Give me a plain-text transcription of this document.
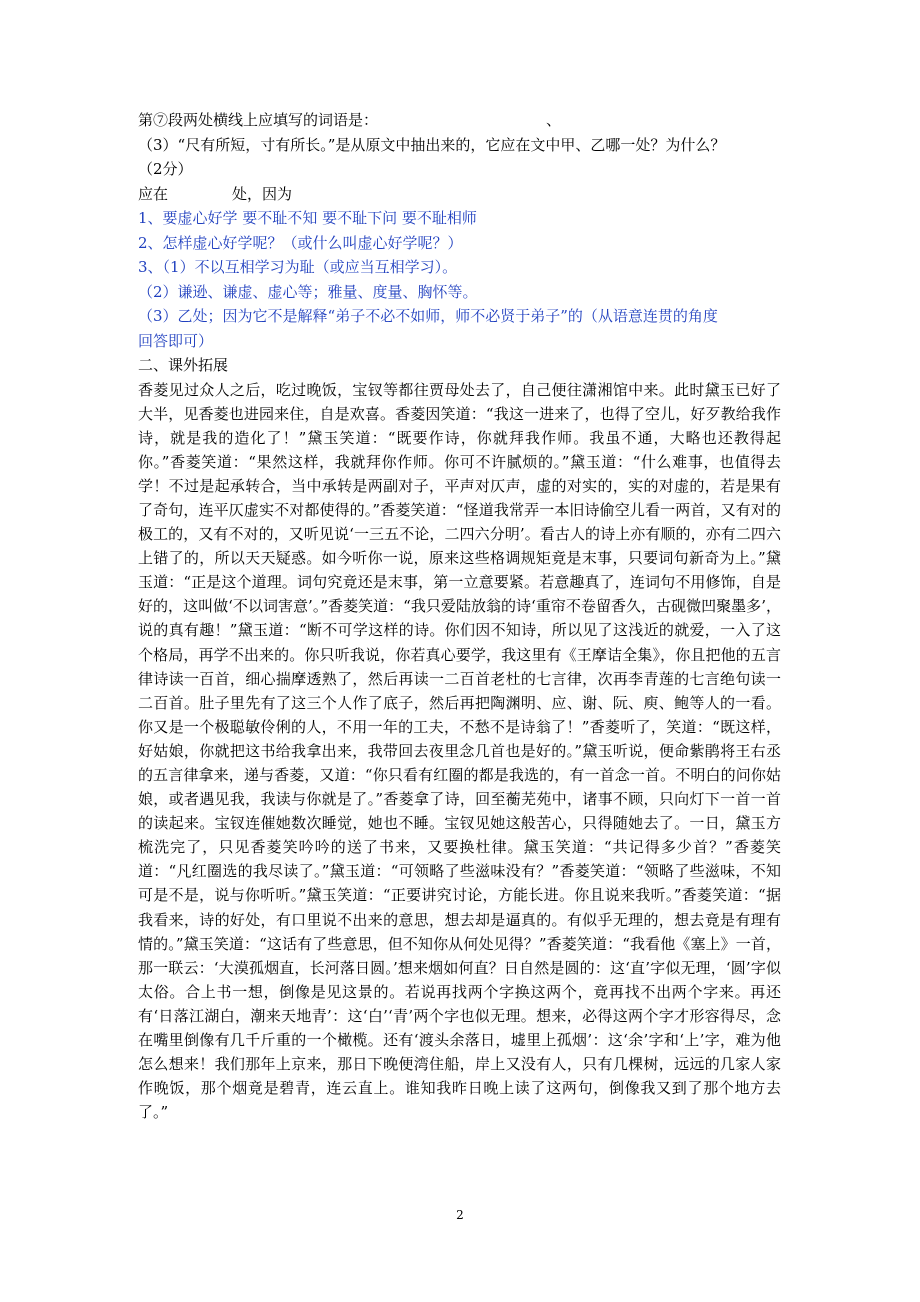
第⑦段两处横线上应填写的词语是：	、
（3）“尺有所短，寸有所长。”是从原文中抽出来的，它应在文中甲、乙哪一处？为什么？
（2分）
应在	处，因为
1、要虚心好学 要不耻不知 要不耻下问 要不耻相师
2、怎样虚心好学呢？（或什么叫虚心好学呢？）
3、（1）不以互相学习为耻（或应当互相学习）。
（2）谦逊、谦虚、虚心等；雅量、度量、胸怀等。
（3）乙处；因为它不是解释“弟子不必不如师，师不必贤于弟子”的（从语意连贯的角度
回答即可）
二、课外拓展

香菱见过众人之后，吃过晚饭，宝钗等都往贾母处去了，自己便往潇湘馆中来。此时黛玉已好了大半，见香菱也进园来住，自是欢喜。香菱因笑道：“我这一进来了，也得了空儿，好歹教给我作诗，就是我的造化了！”黛玉笑道：“既要作诗，你就拜我作师。我虽不通，大略也还教得起你。”香菱笑道：“果然这样，我就拜你作师。你可不许腻烦的。”黛玉道：“什么难事，也值得去学！不过是起承转合，当中承转是两副对子，平声对仄声，虚的对实的，实的对虚的，若是果有了奇句，连平仄虚实不对都使得的。”香菱笑道：“怪道我常弄一本旧诗偷空儿看一两首，又有对的极工的，又有不对的，又听见说‘一三五不论，二四六分明’。看古人的诗上亦有顺的，亦有二四六上错了的，所以天天疑惑。如今听你一说，原来这些格调规矩竟是末事，只要词句新奇为上。”黛玉道：“正是这个道理。词句究竟还是末事，第一立意要紧。若意趣真了，连词句不用修饰，自是好的，这叫做‘不以词害意’。”香菱笑道：“我只爱陆放翁的诗‘重帘不卷留香久，古砚微凹聚墨多’，说的真有趣！”黛玉道：“断不可学这样的诗。你们因不知诗，所以见了这浅近的就爱，一入了这个格局，再学不出来的。你只听我说，你若真心要学，我这里有《王摩诘全集》，你且把他的五言律诗读一百首，细心揣摩透熟了，然后再读一二百首老杜的七言律，次再李青莲的七言绝句读一二百首。肚子里先有了这三个人作了底子，然后再把陶渊明、应、谢、阮、庾、鲍等人的一看。你又是一个极聪敏伶俐的人，不用一年的工夫，不愁不是诗翁了！”香菱听了，笑道：“既这样，好姑娘，你就把这书给我拿出来，我带回去夜里念几首也是好的。”黛玉听说，便命紫鹃将王右丞的五言律拿来，递与香菱，又道：“你只看有红圈的都是我选的，有一首念一首。不明白的问你姑娘，或者遇见我，我读与你就是了。”香菱拿了诗，回至蘅芜苑中，诸事不顾，只向灯下一首一首的读起来。宝钗连催她数次睡觉，她也不睡。宝钗见她这般苦心，只得随她去了。一日，黛玉方梳洗完了，只见香菱笑吟吟的送了书来，又要换杜律。黛玉笑道：“共记得多少首？”香菱笑道：“凡红圈选的我尽读了。”黛玉道：“可领略了些滋味没有？”香菱笑道：“领略了些滋味，不知可是不是，说与你听听。”黛玉笑道：“正要讲究讨论，方能长进。你且说来我听。”香菱笑道：“据我看来，诗的好处，有口里说不出来的意思，想去却是逼真的。有似乎无理的，想去竟是有理有情的。”黛玉笑道：“这话有了些意思，但不知你从何处见得？”香菱笑道：“我看他《塞上》一首，那一联云：‘大漠孤烟直，长河落日圆。’想来烟如何直？日自然是圆的：这‘直’字似无理，‘圆’字似太俗。合上书一想，倒像是见这景的。若说再找两个字换这两个，竟再找不出两个字来。再还有‘日落江湖白，潮来天地青’：这‘白’‘青’两个字也似无理。想来，必得这两个字才形容得尽，念在嘴里倒像有几千斤重的一个橄榄。还有‘渡头余落日，墟里上孤烟’：这‘余’字和‘上’字，难为他怎么想来！我们那年上京来，那日下晚便湾住船，岸上又没有人，只有几棵树，远远的几家人家作晚饭，那个烟竟是碧青，连云直上。谁知我昨日晚上读了这两句，倒像我又到了那个地方去了。”

2
